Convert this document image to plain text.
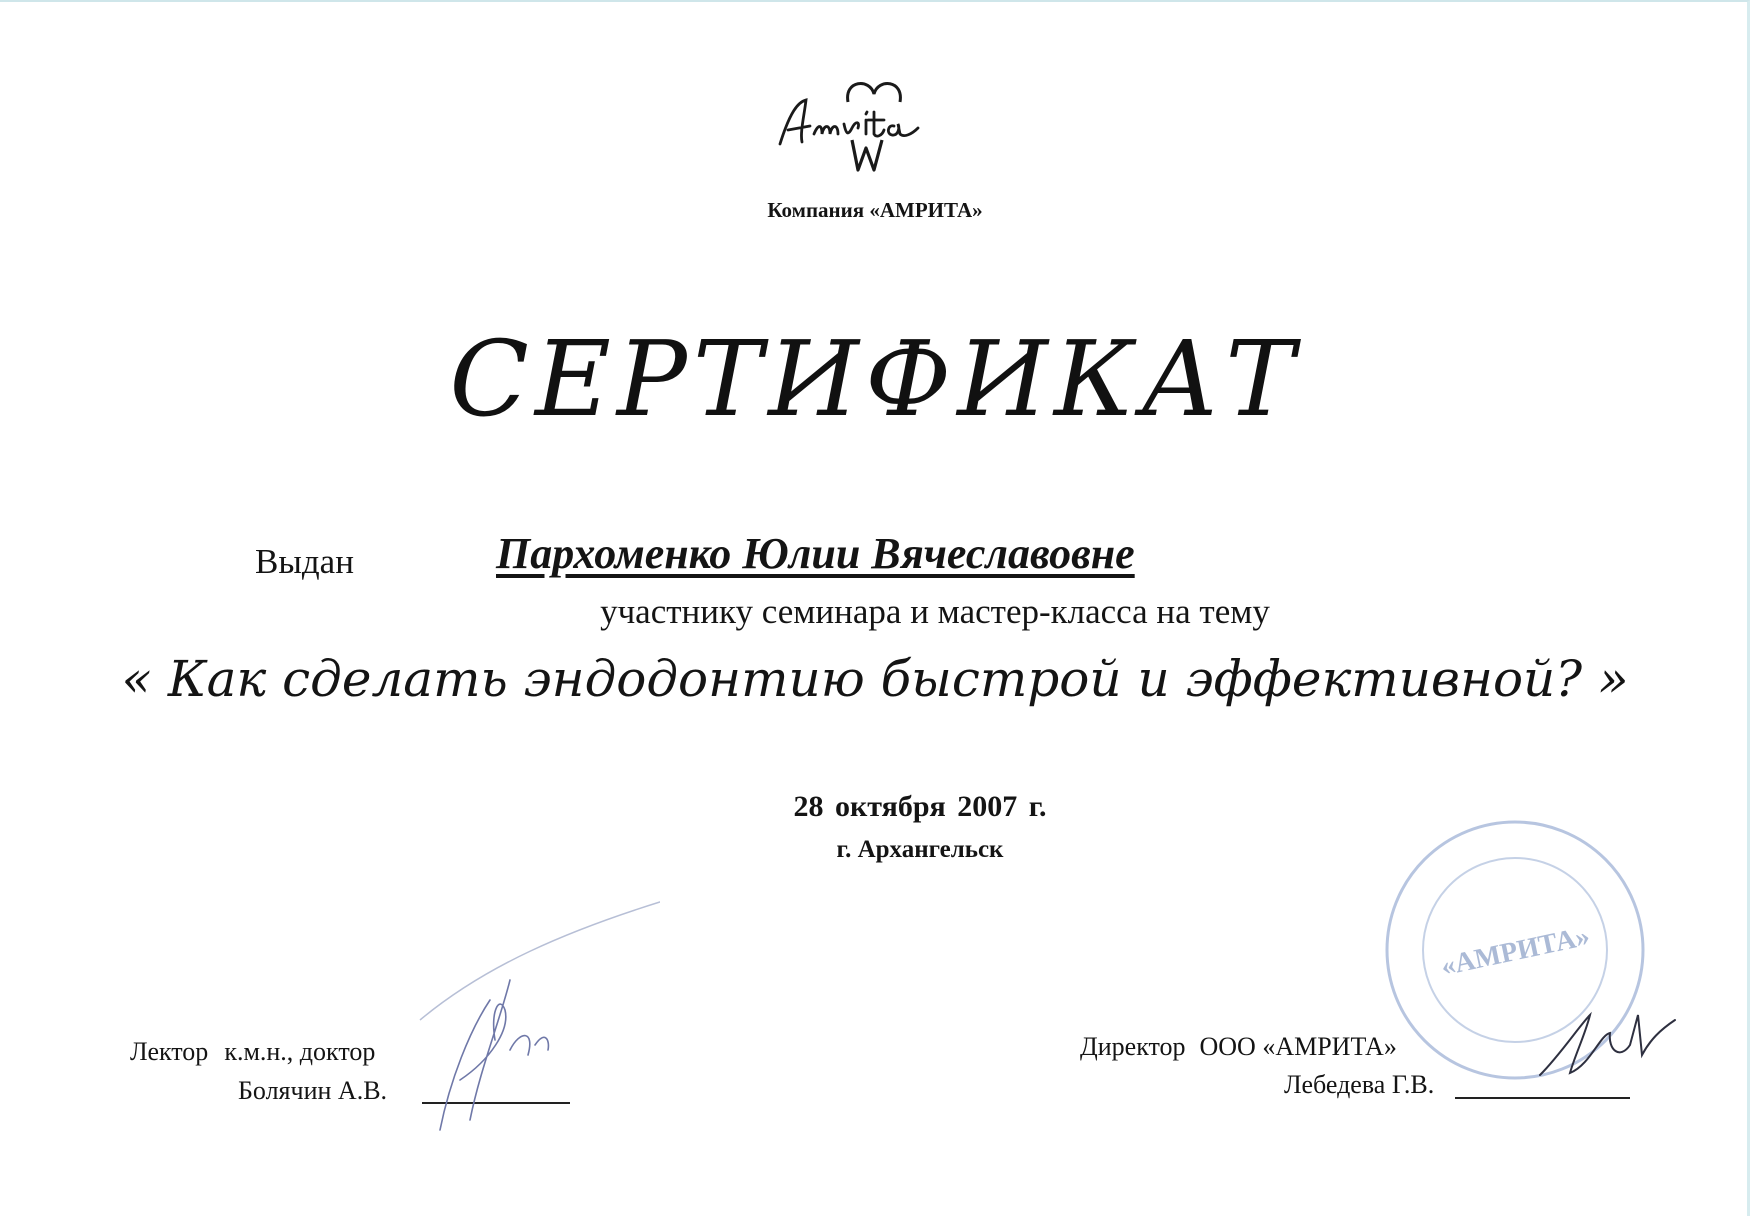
Компания «АМРИТА»
СЕРТИФИКАТ
Выдан	Пархоменко Юлии Вячеславовне
участнику семинара и мастер-класса на тему
« Как сделать эндодонтию быстрой и эффективной? »
28 октября 2007 г.
г. Архангельск
Лектор к.м.н., доктор
Болячин А.В.
Директор ООО «АМРИТА»
Лебедева Г.В.
«АМРИТА»
